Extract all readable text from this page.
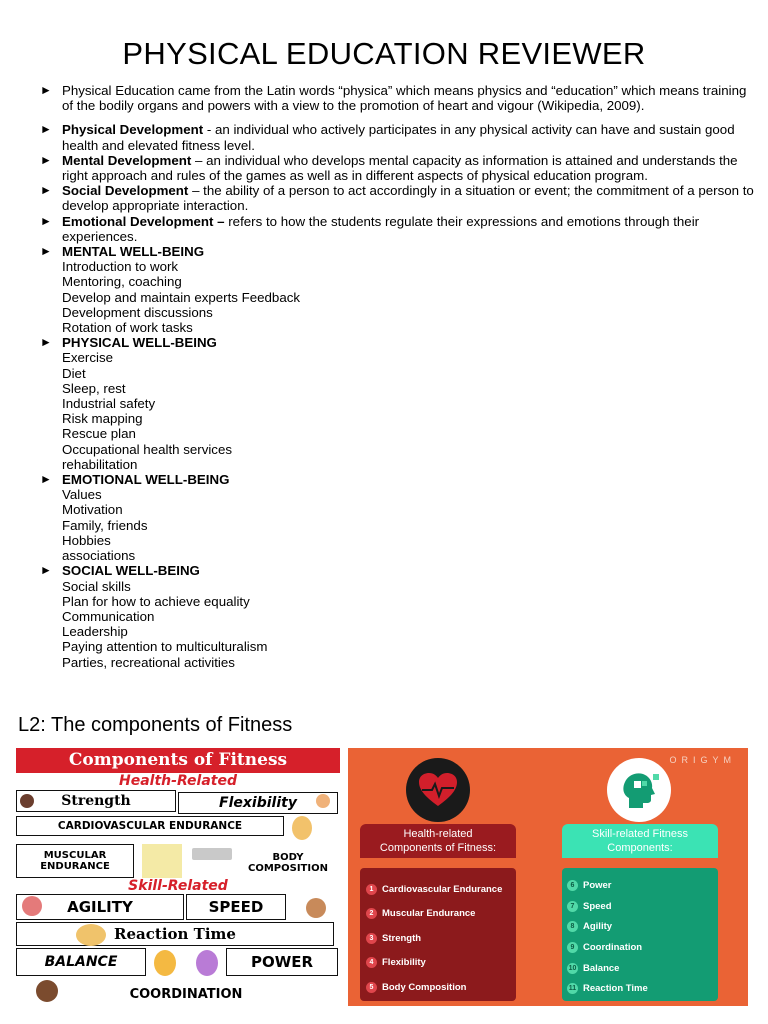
PHYSICAL EDUCATION REVIEWER
► Physical Education came from the Latin words “physica” which means physics and “education” which means training of the bodily organs and powers with a view to the promotion of heart and vigour (Wikipedia, 2009).
► Physical Development - an individual who actively participates in any physical activity can have and sustain good health and elevated fitness level.
► Mental Development – an individual who develops mental capacity as information is attained and understands the right approach and rules of the games as well as in different aspects of physical education program.
► Social Development – the ability of a person to act accordingly in a situation or event; the commitment of a person to develop appropriate interaction.
► Emotional Development – refers to how the students regulate their expressions and emotions through their experiences.
► MENTAL WELL-BEING
Introduction to work
Mentoring, coaching
Develop and maintain experts Feedback
Development discussions
Rotation of work tasks
► PHYSICAL WELL-BEING
Exercise
Diet
Sleep, rest
Industrial safety
Risk mapping
Rescue plan
Occupational health services
rehabilitation
► EMOTIONAL WELL-BEING
Values
Motivation
Family, friends
Hobbies
associations
► SOCIAL WELL-BEING
Social skills
Plan for how to achieve equality
Communication
Leadership
Paying attention to multiculturalism
Parties, recreational activities
L2: The components of Fitness
Components of Fitness
Health-Related
Strength	Flexibility
CARDIOVASCULAR ENDURANCE
MUSCULAR
ENDURANCE
BODY
COMPOSITION
Skill-Related
AGILITY	SPEED
Reaction Time
BALANCE	POWER
COORDINATION
ORIGYM
Health-related
Components of Fitness:
Skill-related Fitness
Components:
1 Cardiovascular Endurance
2 Muscular Endurance
3 Strength
4 Flexibility
5 Body Composition
6 Power
7 Speed
8 Agility
9 Coordination
10 Balance
11 Reaction Time
